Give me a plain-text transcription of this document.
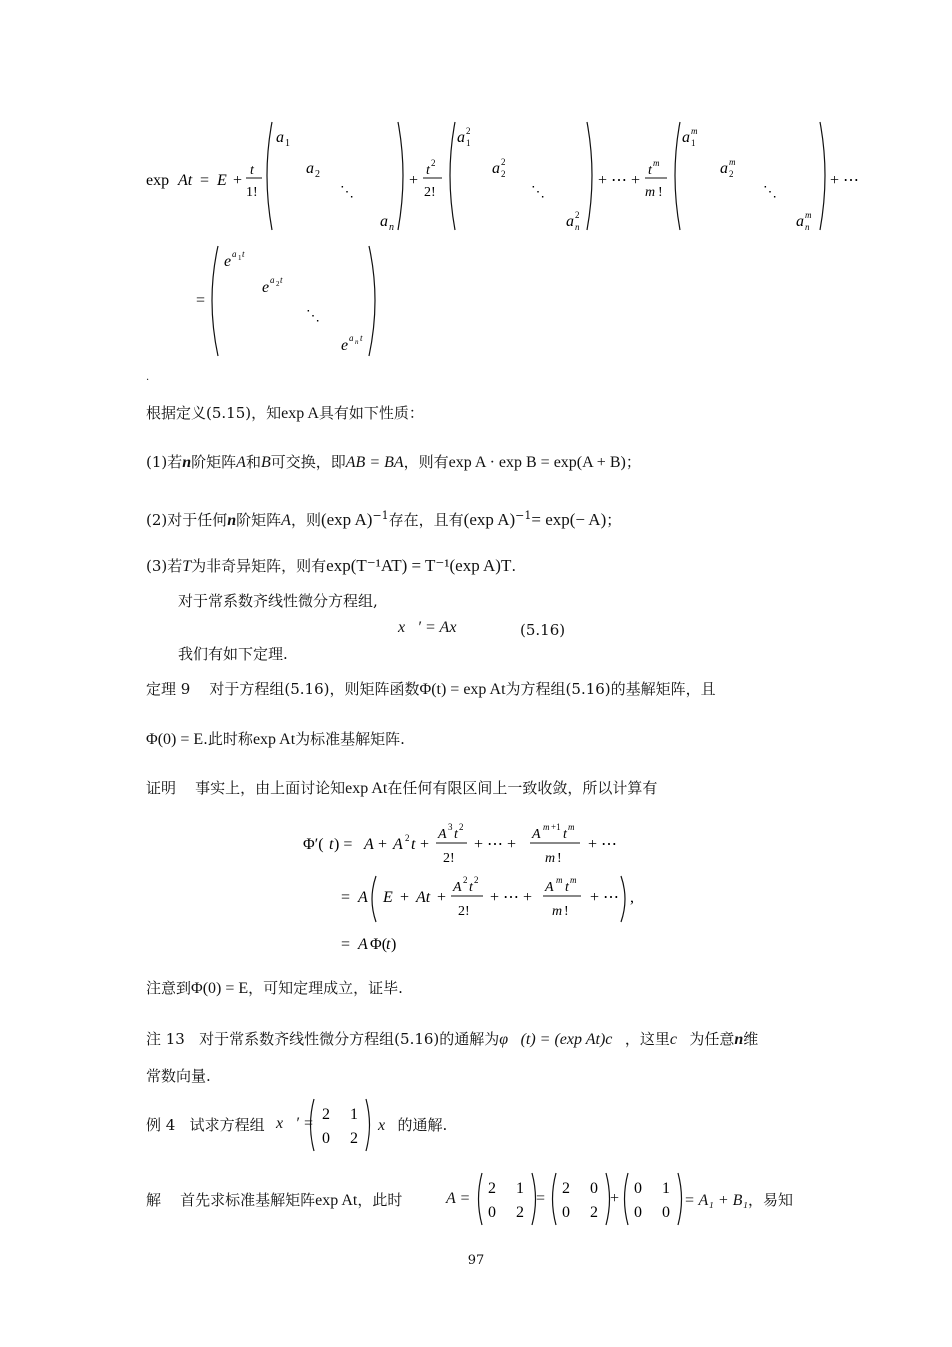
exp At = E +
t
1!
a 1
a 2
⋱
a n
+
t 2
2!
a 2
1
a 2
2
⋱
a 2
n
+ ⋯ +
t m
m !
a m
1
a m
2
⋱
a m
n
+ ⋯
=
e a 1 t
e a 2 t
⋱
e a n t
.
根据定义(5.15)，知exp A具有如下性质：
(1)若n阶矩阵A和B可交换，即AB = BA，则有exp A · exp B = exp(A + B)；
(2)对于任何n阶矩阵A，则(exp A)$^{-1}$存在，且有(exp A)$^{-1}$= exp(− A)；
(3)若T为非奇异矩阵，则有exp(T⁻¹AT) = T⁻¹(exp A)T.
对于常系数齐线性微分方程组,
x⃗′ = Ax⃗	(5.16)
我们有如下定理.
定理 9 对于方程组(5.16)，则矩阵函数Φ(t) = exp At为方程组(5.16)的基解矩阵，且
Φ(0) = E.此时称exp At为标准基解矩阵.
证明 事实上，由上面讨论知exp At在任何有限区间上一致收敛，所以计算有
Φ′( t ) = A + A 2 t +
A 3 t 2
2!
+ ⋯ +
A m +1 t m
m !
+ ⋯
= A E + At +
A 2 t 2
2!
+ ⋯ +
A m t m
m !
+ ⋯ ,
= A Φ(
t )
注意到Φ(0) = E，可知定理成立，证毕.
注 13 对于常系数齐线性微分方程组(5.16)的通解为φ⃗(t) = (exp At)c⃗，这里c⃗为任意n维
常数向量.
例 4 试求方程组 x⃗′ =
2 1
0 2
x⃗的通解.
解 首先求标准基解矩阵exp At，此时	A =
2 1
0 2
=
2 0
0 2
+
0 1
0 0
= A₁ + B₁，易知
97
